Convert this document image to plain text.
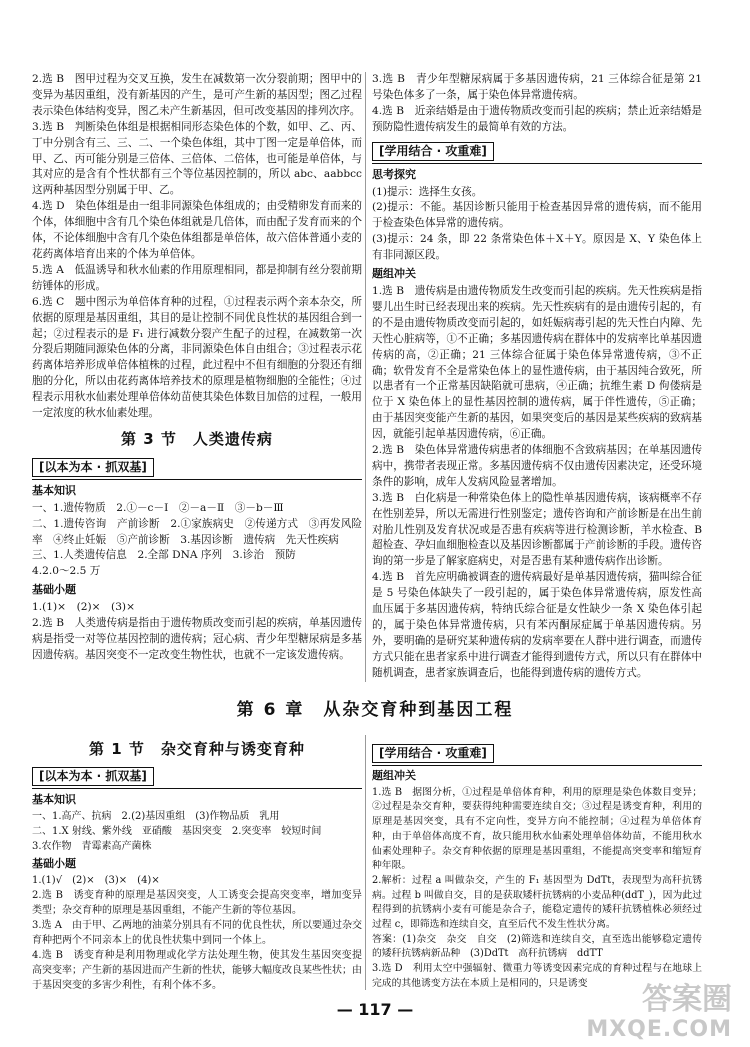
2.选 B　图甲过程为交叉互换，发生在减数第一次分裂前期；图甲中的变异为基因重组，没有新基因的产生，是可产生新的基因型；图乙过程表示染色体结构变异，图乙未产生新基因，但可改变基因的排列次序。

3.选 B　判断染色体组是根据相同形态染色体的个数，如甲、乙、丙、丁中分别含有三、三、二、一个染色体组，其中丁图一定是单倍体，而甲、乙、丙可能分别是三倍体、三倍体、二倍体，也可能是单倍体，与其对应的是含有个性状都有三个等位基因控制的，所以 abc、aabbcc 这两种基因型分别属于甲、乙。

4.选 D　染色体组是由一组非同源染色体组成的；由受精卵发育而来的个体，体细胞中含有几个染色体组就是几倍体，而由配子发育而来的个体，不论体细胞中含有几个染色体组都是单倍体，故六倍体普通小麦的花药离体培育出来的个体为单倍体。

5.选 A　低温诱导和秋水仙素的作用原理相同，都是抑制有丝分裂前期纺锤体的形成。

6.选 C　题中图示为单倍体育种的过程，①过程表示两个亲本杂交，所依据的原理是基因重组，其目的是让控制不同优良性状的基因组合到一起；②过程表示的是 F₁ 进行减数分裂产生配子的过程，在减数第一次分裂后期随同源染色体的分离，非同源染色体自由组合；③过程表示花药离体培养形成单倍体植株的过程，此过程中不但有细胞的分裂还有细胞的分化，所以由花药离体培养技术的原理是植物细胞的全能性；④过程表示用秋水仙素处理单倍体幼苗使其染色体数目加倍的过程，一般用一定浓度的秋水仙素处理。

第 3 节　人类遗传病
[以本为本 · 抓双基]
基本知识

一、1.遗传物质　2.①－c－Ⅰ　②－a－Ⅱ　③－b－Ⅲ

二、1.遗传咨询　产前诊断　2.①家族病史　②传递方式　③再发风险率　④终止妊娠　⑤产前诊断　3.基因诊断　遗传病　先天性疾病

三、1.人类遗传信息　2.全部 DNA 序列　3.诊治　预防

4.2.0～2.5 万

基础小题

1.(1)×　(2)×　(3)×

2.选 B　人类遗传病是指由于遗传物质改变而引起的疾病，单基因遗传病是指受一对等位基因控制的遗传病；冠心病、青少年型糖尿病是多基因遗传病。基因突变不一定改变生物性状，也就不一定该发遗传病。

3.选 B　青少年型糖尿病属于多基因遗传病，21 三体综合征是第 21 号染色体多了一条，属于染色体异常遗传病。

4.选 B　近亲结婚是由于遗传物质改变而引起的疾病；禁止近亲结婚是预防隐性遗传病发生的最简单有效的方法。

[学用结合 · 攻重难]
思考探究

(1)提示：选择生女孩。

(2)提示：不能。基因诊断只能用于检查基因异常的遗传病，而不能用于检查染色体异常的遗传病。

(3)提示：24 条，即 22 条常染色体＋X＋Y。原因是 X、Y 染色体上有非同源区段。

题组冲关

1.选 B　遗传病是由遗传物质发生改变而引起的疾病。先天性疾病是指婴儿出生时已经表现出来的疾病。先天性疾病有的是由遗传引起的，有的不是由遗传物质改变而引起的，如妊娠病毒引起的先天性白内障、先天性心脏病等，①不正确；多基因遗传病在群体中的发病率比单基因遗传病的高，②正确；21 三体综合征属于染色体异常遗传病，③不正确；软骨发育不全是常染色体上的显性遗传病，由于基因纯合致死，所以患者有一个正常基因缺陷就可患病，④正确；抗维生素 D 佝偻病是位于 X 染色体上的显性基因控制的遗传病，属于伴性遗传，⑤正确；由于基因突变能产生新的基因，如果突变后的基因是某些疾病的致病基因，就能引起单基因遗传病，⑥正确。

2.选 B　染色体异常遗传病患者的体细胞不含致病基因；在单基因遗传病中，携带者表现正常。多基因遗传病不仅由遗传因素决定，还受环境条件的影响，成年人发病风险显著增加。

3.选 B　白化病是一种常染色体上的隐性单基因遗传病，该病概率不存在性别差异，所以无需进行性别鉴定；遗传咨询和产前诊断是在出生前对胎儿性别及发育状况或是否患有疾病等进行检测诊断，羊水检查、B 超检查、孕妇血细胞检查以及基因诊断都属于产前诊断的手段。遗传咨询的第一步是了解家庭病史，对是否患有某种遗传病作出诊断。

4.选 B　首先应明确被调查的遗传病最好是单基因遗传病，猫叫综合征是 5 号染色体缺失了一段引起的，属于染色体异常遗传病，原发性高血压属于多基因遗传病，特纳氏综合征是女性缺少一条 X 染色体引起的，属于染色体异常遗传病，只有苯丙酮尿症属于单基因遗传病。另外，要明确的是研究某种遗传病的发病率要在人群中进行调查，而遗传方式只能在患者家系中进行调查才能得到遗传方式，所以只有在群体中随机调查，患者家族调查后，也能得到遗传病的遗传方式。

第 6 章　从杂交育种到基因工程
第 1 节　杂交育种与诱变育种
[以本为本 · 抓双基]
基本知识

一、1.高产、抗病　2.(2)基因重组　(3)作物品质　乳用

二、1.X 射线、紫外线　亚硝酸　基因突变　2.突变率　较短时间

3.农作物　青霉素高产菌株

基础小题

1.(1)√　(2)×　(3)×　(4)×

2.选 B　诱变育种的原理是基因突变，人工诱变会提高突变率，增加变异类型；杂交育种的原理是基因重组，不能产生新的等位基因。

3.选 A　由于甲、乙两地的油菜分别具有不同的优良性状，所以要通过杂交育种把两个不同亲本上的优良性状集中到同一个体上。

4.选 B　诱变育种是利用物理或化学方法处理生物，使其发生基因突变提高突变率；产生新的基因进而产生新的性状，能够大幅度改良某些性状；由于基因突变的多害少利性，有利个体不多。

[学用结合 · 攻重难]
题组冲关

1.选 B　据图分析，①过程是单倍体育种，利用的原理是染色体数目变异；②过程是杂交育种，要获得纯种需要连续自交；③过程是诱变育种，利用的原理是基因突变，具有不定向性，变异方向不能控制；④过程为单倍体育种，由于单倍体高度不育，故只能用秋水仙素处理单倍体幼苗，不能用秋水仙素处理种子。杂交育种依据的原理是基因重组，不能提高突变率和缩短育种年限。

2.解析：过程 a 叫做杂交，产生的 F₁ 基因型为 DdTt，表现型为高秆抗锈病。过程 b 叫做自交，目的是获取矮杆抗锈病的小麦品种(ddT_)，因为此过程得到的抗锈病小麦有可能是杂合子，能稳定遗传的矮秆抗锈植株必须经过过程 c，即筛选和连续自交，直至后代不发生性状分离。

答案：(1)杂交　杂交　自交　(2)筛选和连续自交，直至选出能够稳定遗传的矮秆抗锈病新品种　(3)DdTt　高秆抗锈病　ddTT

3.选 D　利用太空中强辐射、微重力等诱变因素完成的育种过程与在地球上完成的其他诱变方法在本质上是相同的，只是诱变

— 117 —	答案圈
MXQE.COM
